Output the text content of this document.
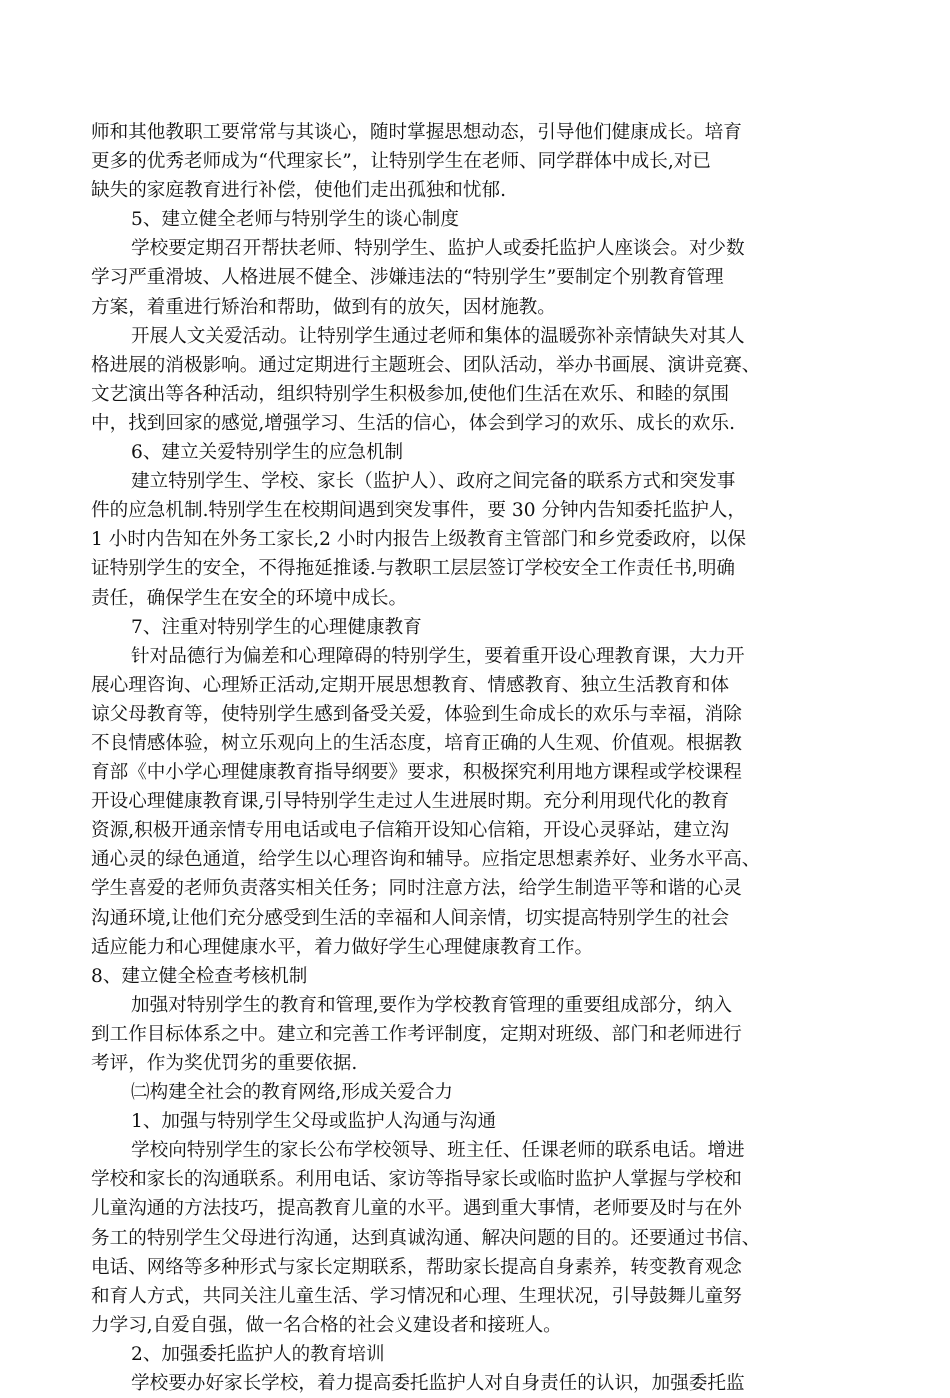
师和其他教职工要常常与其谈心，随时掌握思想动态，引导他们健康成长。培育
更多的优秀老师成为“代理家长”，让特别学生在老师、同学群体中成长,对已
缺失的家庭教育进行补偿，使他们走出孤独和忧郁.
5、建立健全老师与特别学生的谈心制度
学校要定期召开帮扶老师、特别学生、监护人或委托监护人座谈会。对少数
学习严重滑坡、人格进展不健全、涉嫌违法的“特别学生”要制定个别教育管理
方案，着重进行矫治和帮助，做到有的放矢，因材施教。
开展人文关爱活动。让特别学生通过老师和集体的温暖弥补亲情缺失对其人
格进展的消极影响。通过定期进行主题班会、团队活动，举办书画展、演讲竞赛、
文艺演出等各种活动，组织特别学生积极参加,使他们生活在欢乐、和睦的氛围
中，找到回家的感觉,增强学习、生活的信心，体会到学习的欢乐、成长的欢乐.
6、建立关爱特别学生的应急机制
建立特别学生、学校、家长（监护人）、政府之间完备的联系方式和突发事
件的应急机制.特别学生在校期间遇到突发事件，要 30 分钟内告知委托监护人，
1 小时内告知在外务工家长,2 小时内报告上级教育主管部门和乡党委政府，以保
证特别学生的安全，不得拖延推诿.与教职工层层签订学校安全工作责任书,明确
责任，确保学生在安全的环境中成长。
7、注重对特别学生的心理健康教育
针对品德行为偏差和心理障碍的特别学生，要着重开设心理教育课，大力开
展心理咨询、心理矫正活动,定期开展思想教育、情感教育、独立生活教育和体
谅父母教育等，使特别学生感到备受关爱，体验到生命成长的欢乐与幸福，消除
不良情感体验，树立乐观向上的生活态度，培育正确的人生观、价值观。根据教
育部《中小学心理健康教育指导纲要》要求，积极探究利用地方课程或学校课程
开设心理健康教育课,引导特别学生走过人生进展时期。充分利用现代化的教育
资源,积极开通亲情专用电话或电子信箱开设知心信箱，开设心灵驿站，建立沟
通心灵的绿色通道，给学生以心理咨询和辅导。应指定思想素养好、业务水平高、
学生喜爱的老师负责落实相关任务；同时注意方法，给学生制造平等和谐的心灵
沟通环境,让他们充分感受到生活的幸福和人间亲情，切实提高特别学生的社会
适应能力和心理健康水平，着力做好学生心理健康教育工作。
8、建立健全检查考核机制
加强对特别学生的教育和管理,要作为学校教育管理的重要组成部分，纳入
到工作目标体系之中。建立和完善工作考评制度，定期对班级、部门和老师进行
考评，作为奖优罚劣的重要依据.
㈡构建全社会的教育网络,形成关爱合力
1、加强与特别学生父母或监护人沟通与沟通
学校向特别学生的家长公布学校领导、班主任、任课老师的联系电话。增进
学校和家长的沟通联系。利用电话、家访等指导家长或临时监护人掌握与学校和
儿童沟通的方法技巧，提高教育儿童的水平。遇到重大事情，老师要及时与在外
务工的特别学生父母进行沟通，达到真诚沟通、解决问题的目的。还要通过书信、
电话、网络等多种形式与家长定期联系，帮助家长提高自身素养，转变教育观念
和育人方式，共同关注儿童生活、学习情况和心理、生理状况，引导鼓舞儿童努
力学习,自爱自强，做一名合格的社会义建设者和接班人。
2、加强委托监护人的教育培训
学校要办好家长学校，着力提高委托监护人对自身责任的认识，加强委托监
